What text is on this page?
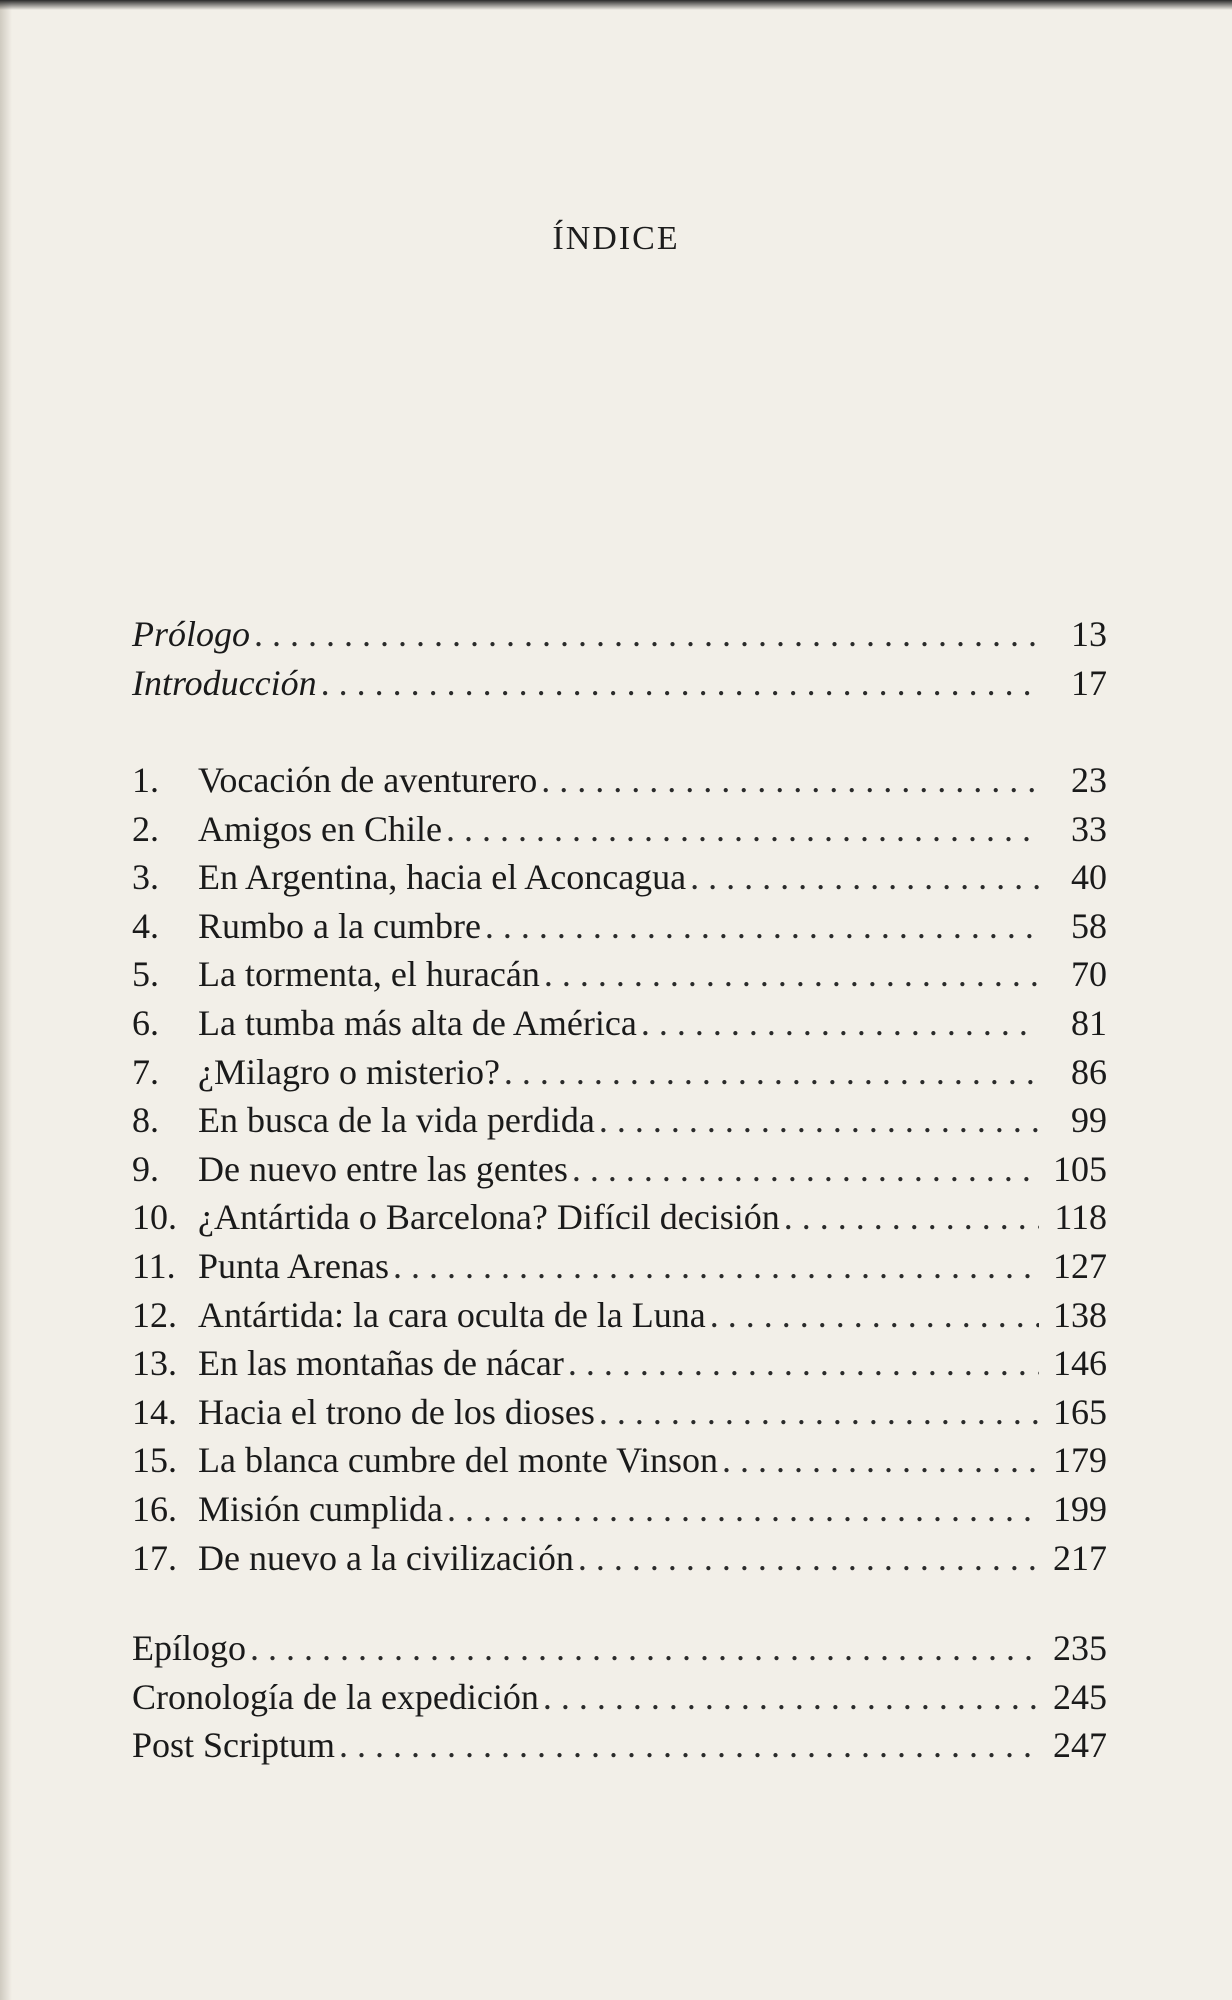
ÍNDICE
Prólogo . . .	13
Introducción . . .	17
1.	Vocación de aventurero . . .	23
2.	Amigos en Chile . . .	33
3.	En Argentina, hacia el Aconcagua . . .	40
4.	Rumbo a la cumbre . . .	58
5.	La tormenta, el huracán . . .	70
6.	La tumba más alta de América . . .	81
7.	¿Milagro o misterio? . . .	86
8.	En busca de la vida perdida . . .	99
9.	De nuevo entre las gentes . . .	105
10. ¿Antártida o Barcelona? Difícil decisión . . .	118
11. Punta Arenas . . .	127
12. Antártida: la cara oculta de la Luna . . .	138
13. En las montañas de nácar . . .	146
14. Hacia el trono de los dioses . . .	165
15. La blanca cumbre del monte Vinson . . .	179
16. Misión cumplida . . .	199
17. De nuevo a la civilización . . .	217
Epílogo . . .	235
Cronología de la expedición . . .	245
Post Scriptum . . .	247
